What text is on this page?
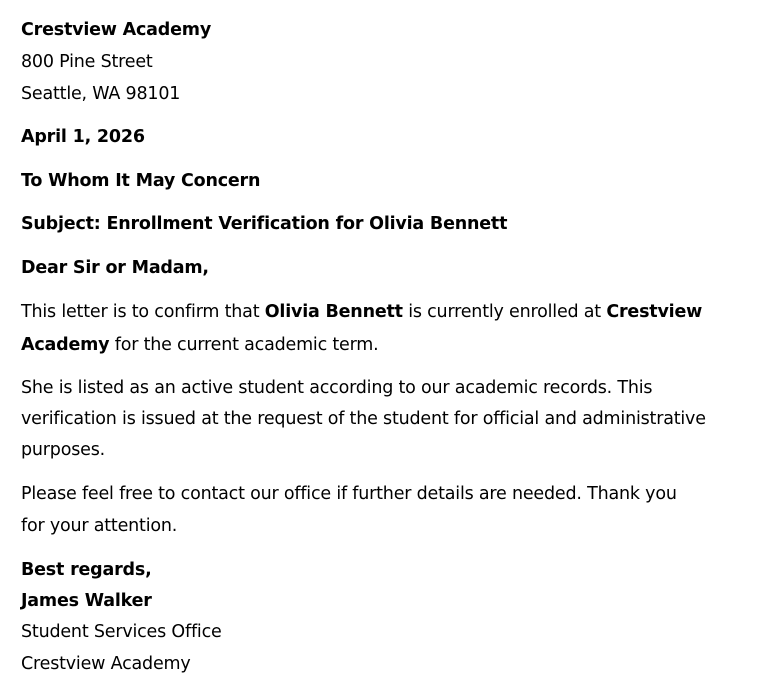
Crestview Academy
800 Pine Street
Seattle, WA 98101
April 1, 2026
To Whom It May Concern
Subject: Enrollment Verification for Olivia Bennett
Dear Sir or Madam,
This letter is to confirm that Olivia Bennett is currently enrolled at Crestview
Academy for the current academic term.
She is listed as an active student according to our academic records. This
verification is issued at the request of the student for official and administrative
purposes.
Please feel free to contact our office if further details are needed. Thank you
for your attention.
Best regards,
James Walker
Student Services Office
Crestview Academy
